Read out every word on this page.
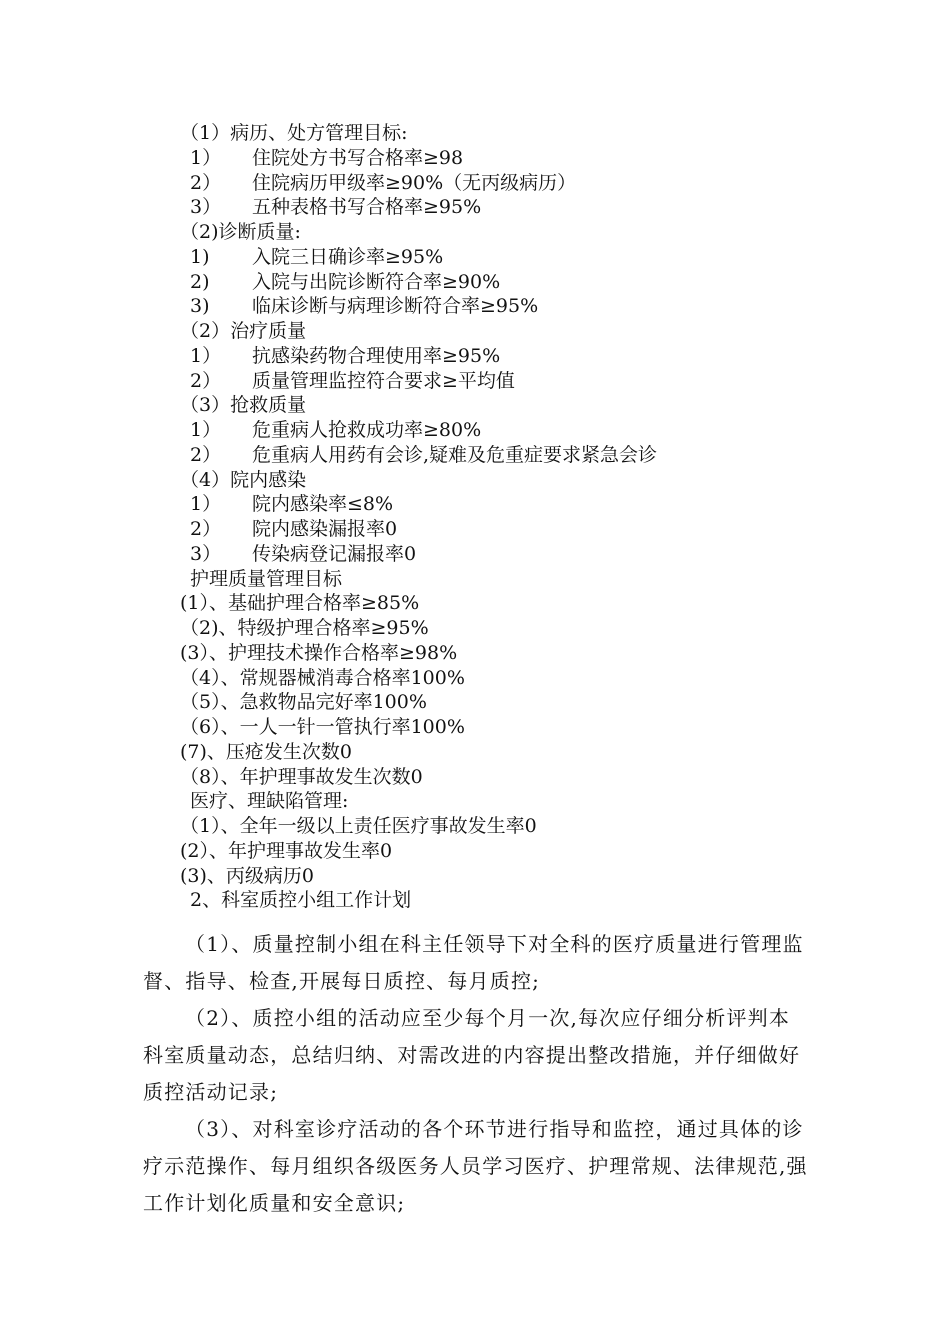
（1）病历、处方管理目标:
1） 住院处方书写合格率≥98
2） 住院病历甲级率≥90%（无丙级病历）
3） 五种表格书写合格率≥95%
（2)诊断质量:
1) 入院三日确诊率≥95%
2) 入院与出院诊断符合率≥90%
3) 临床诊断与病理诊断符合率≥95%
（2）治疗质量
1） 抗感染药物合理使用率≥95%
2） 质量管理监控符合要求≥平均值
（3）抢救质量
1） 危重病人抢救成功率≥80%
2） 危重病人用药有会诊,疑难及危重症要求紧急会诊
（4）院内感染
1） 院内感染率≤8%
2） 院内感染漏报率0
3） 传染病登记漏报率0
护理质量管理目标
(1）、基础护理合格率≥85%
（2)、特级护理合格率≥95%
(3）、护理技术操作合格率≥98%
（4）、常规器械消毒合格率100%
（5）、急救物品完好率100%
（6）、一人一针一管执行率100%
(7)、压疮发生次数0
（8）、年护理事故发生次数0
医疗、理缺陷管理:
（1）、全年一级以上责任医疗事故发生率0
(2）、年护理事故发生率0
(3)、丙级病历0
2、科室质控小组工作计划

（1）、质量控制小组在科主任领导下对全科的医疗质量进行管理监督、指导、检查,开展每日质控、每月质控;

（2）、质控小组的活动应至少每个月一次,每次应仔细分析评判本科室质量动态，总结归纳、对需改进的内容提出整改措施，并仔细做好质控活动记录;

（3）、对科室诊疗活动的各个环节进行指导和监控，通过具体的诊疗示范操作、每月组织各级医务人员学习医疗、护理常规、法律规范,强工作计划化质量和安全意识;
